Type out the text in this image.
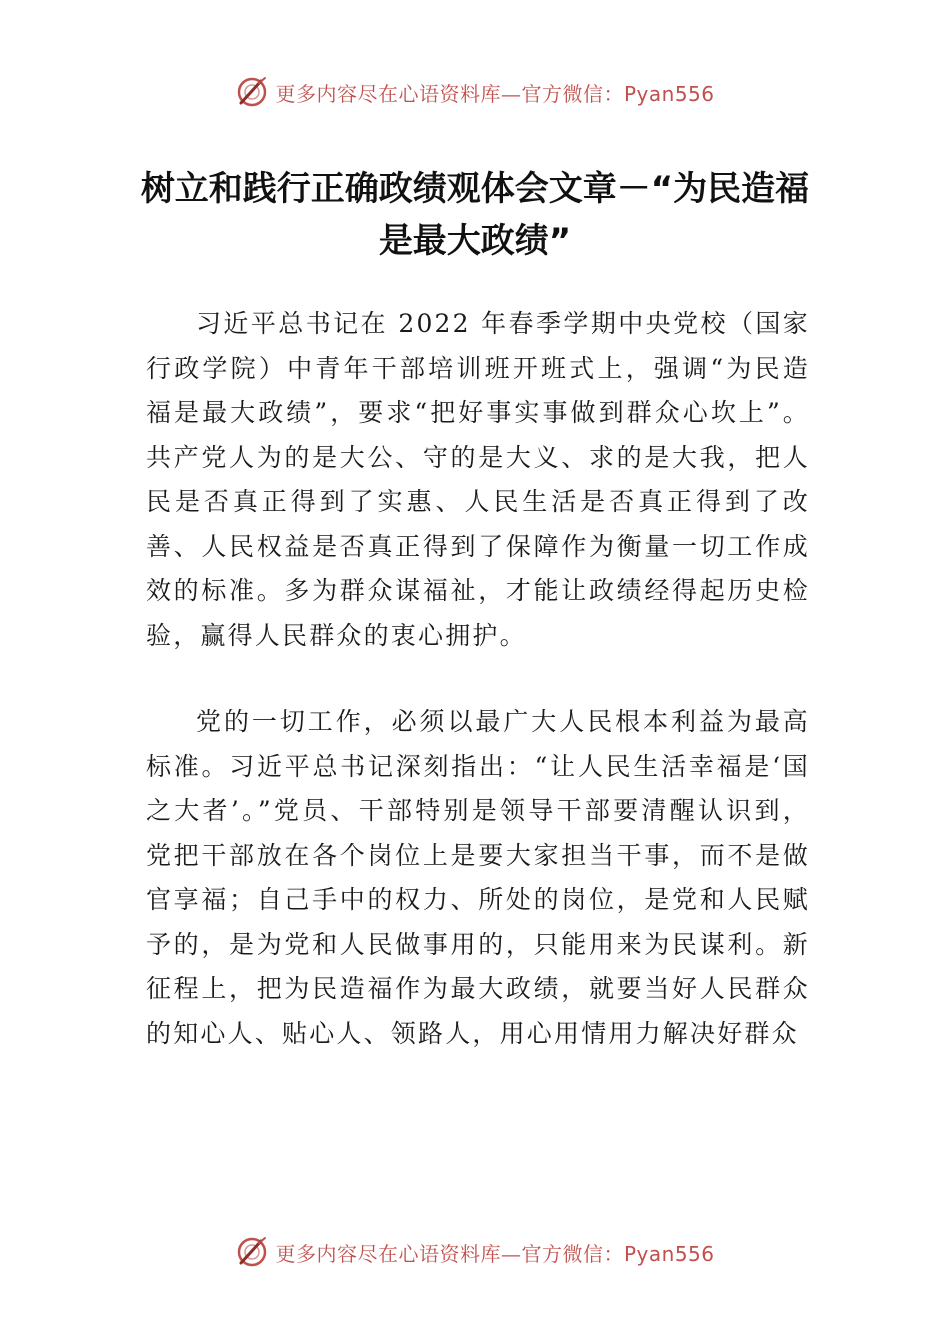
更多内容尽在心语资料库—官方微信：Pyan556
树立和践行正确政绩观体会文章－“为民造福是最大政绩”

习近平总书记在 2022 年春季学期中央党校（国家行政学院）中青年干部培训班开班式上，强调“为民造福是最大政绩”，要求“把好事实事做到群众心坎上”。共产党人为的是大公、守的是大义、求的是大我，把人民是否真正得到了实惠、人民生活是否真正得到了改善、人民权益是否真正得到了保障作为衡量一切工作成效的标准。多为群众谋福祉，才能让政绩经得起历史检验，赢得人民群众的衷心拥护。

党的一切工作，必须以最广大人民根本利益为最高标准。习近平总书记深刻指出：“让人民生活幸福是‘国之大者’。”党员、干部特别是领导干部要清醒认识到，党把干部放在各个岗位上是要大家担当干事，而不是做官享福；自己手中的权力、所处的岗位，是党和人民赋予的，是为党和人民做事用的，只能用来为民谋利。新征程上，把为民造福作为最大政绩，就要当好人民群众的知心人、贴心人、领路人，用心用情用力解决好群众

更多内容尽在心语资料库—官方微信：Pyan556
